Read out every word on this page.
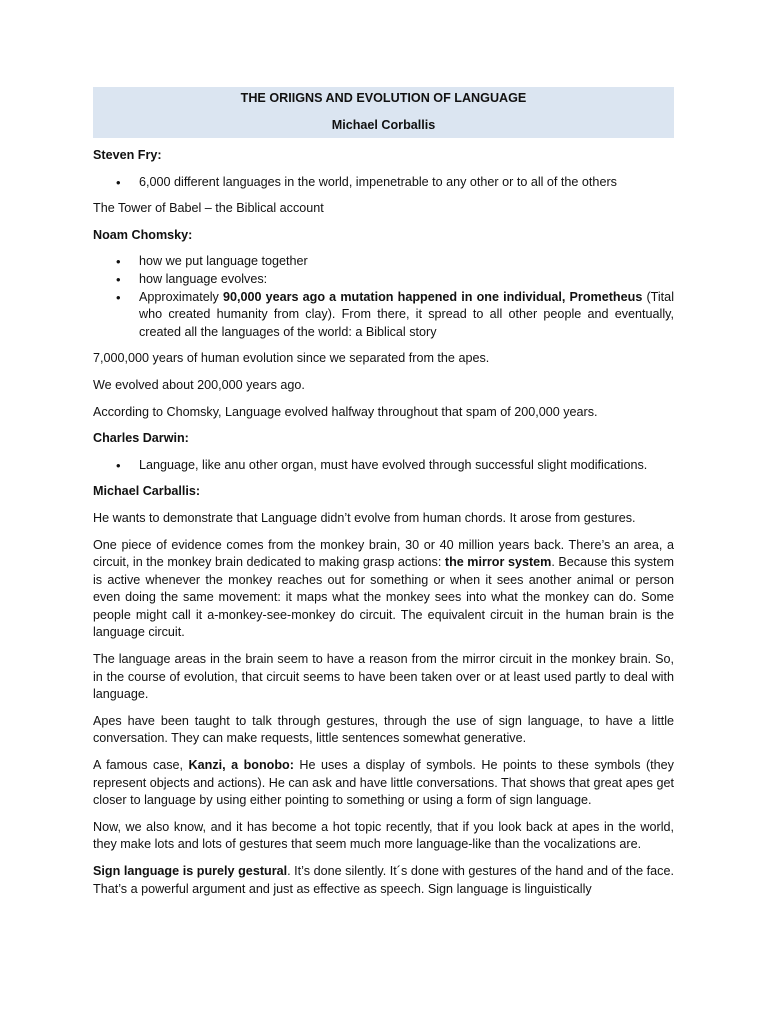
THE ORIIGNS AND EVOLUTION OF LANGUAGE
Michael Corballis

Steven Fry:

• 6,000 different languages in the world, impenetrable to any other or to all of the others

The Tower of Babel – the Biblical account

Noam Chomsky:

• how we put language together
• how language evolves:
• Approximately 90,000 years ago a mutation happened in one individual, Prometheus (Tital who created humanity from clay). From there, it spread to all other people and eventually, created all the languages of the world: a Biblical story

7,000,000 years of human evolution since we separated from the apes.

We evolved about 200,000 years ago.

According to Chomsky, Language evolved halfway throughout that spam of 200,000 years.

Charles Darwin:

• Language, like anu other organ, must have evolved through successful slight modifications.

Michael Carballis:

He wants to demonstrate that Language didn’t evolve from human chords. It arose from gestures.

One piece of evidence comes from the monkey brain, 30 or 40 million years back. There’s an area, a circuit, in the monkey brain dedicated to making grasp actions: the mirror system. Because this system is active whenever the monkey reaches out for something or when it sees another animal or person even doing the same movement: it maps what the monkey sees into what the monkey can do. Some people might call it a-monkey-see-monkey do circuit. The equivalent circuit in the human brain is the language circuit.

The language areas in the brain seem to have a reason from the mirror circuit in the monkey brain. So, in the course of evolution, that circuit seems to have been taken over or at least used partly to deal with language.

Apes have been taught to talk through gestures, through the use of sign language, to have a little conversation. They can make requests, little sentences somewhat generative.

A famous case, Kanzi, a bonobo: He uses a display of symbols. He points to these symbols (they represent objects and actions). He can ask and have little conversations. That shows that great apes get closer to language by using either pointing to something or using a form of sign language.

Now, we also know, and it has become a hot topic recently, that if you look back at apes in the world, they make lots and lots of gestures that seem much more language-like than the vocalizations are.

Sign language is purely gestural. It’s done silently. It´s done with gestures of the hand and of the face. That’s a powerful argument and just as effective as speech. Sign language is linguistically
